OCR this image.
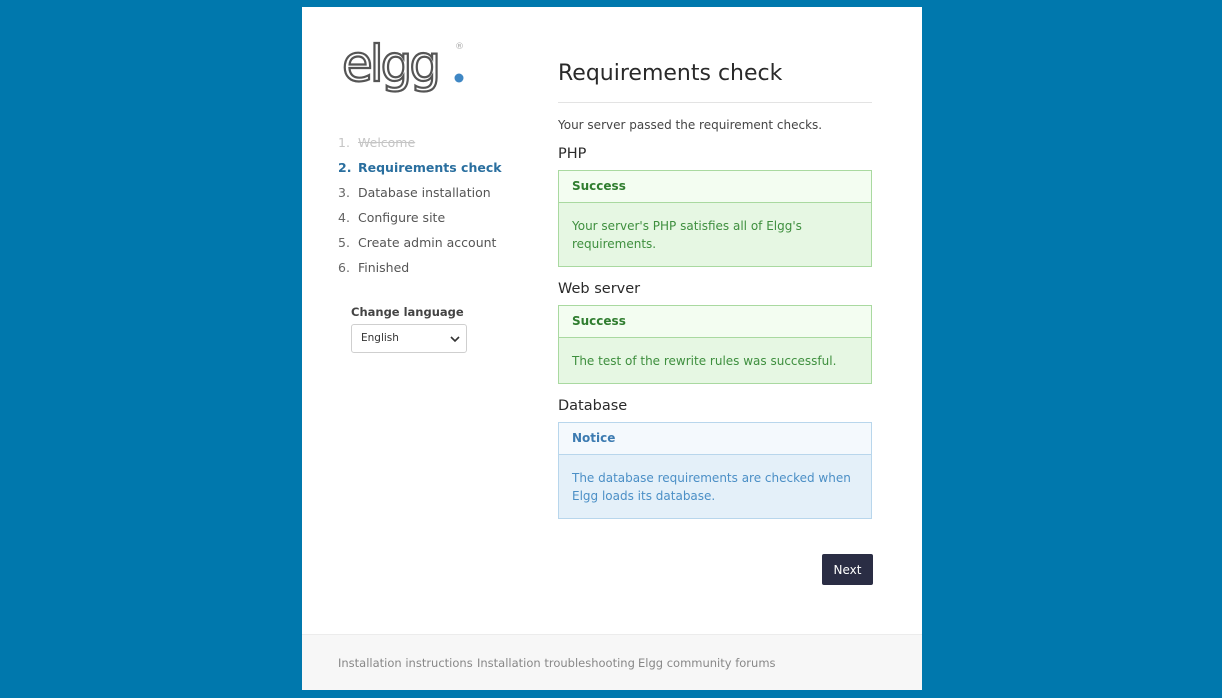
elgg ®
1. Welcome
2. Requirements check
3. Database installation
4. Configure site
5. Create admin account
6. Finished
Change language
English
Requirements check
Your server passed the requirement checks.
PHP
Success
Your server's PHP satisfies all of Elgg's requirements.
Web server
Success
The test of the rewrite rules was successful.
Database
Notice
The database requirements are checked when Elgg loads its database.
Next
Installation instructions Installation troubleshooting Elgg community forums
